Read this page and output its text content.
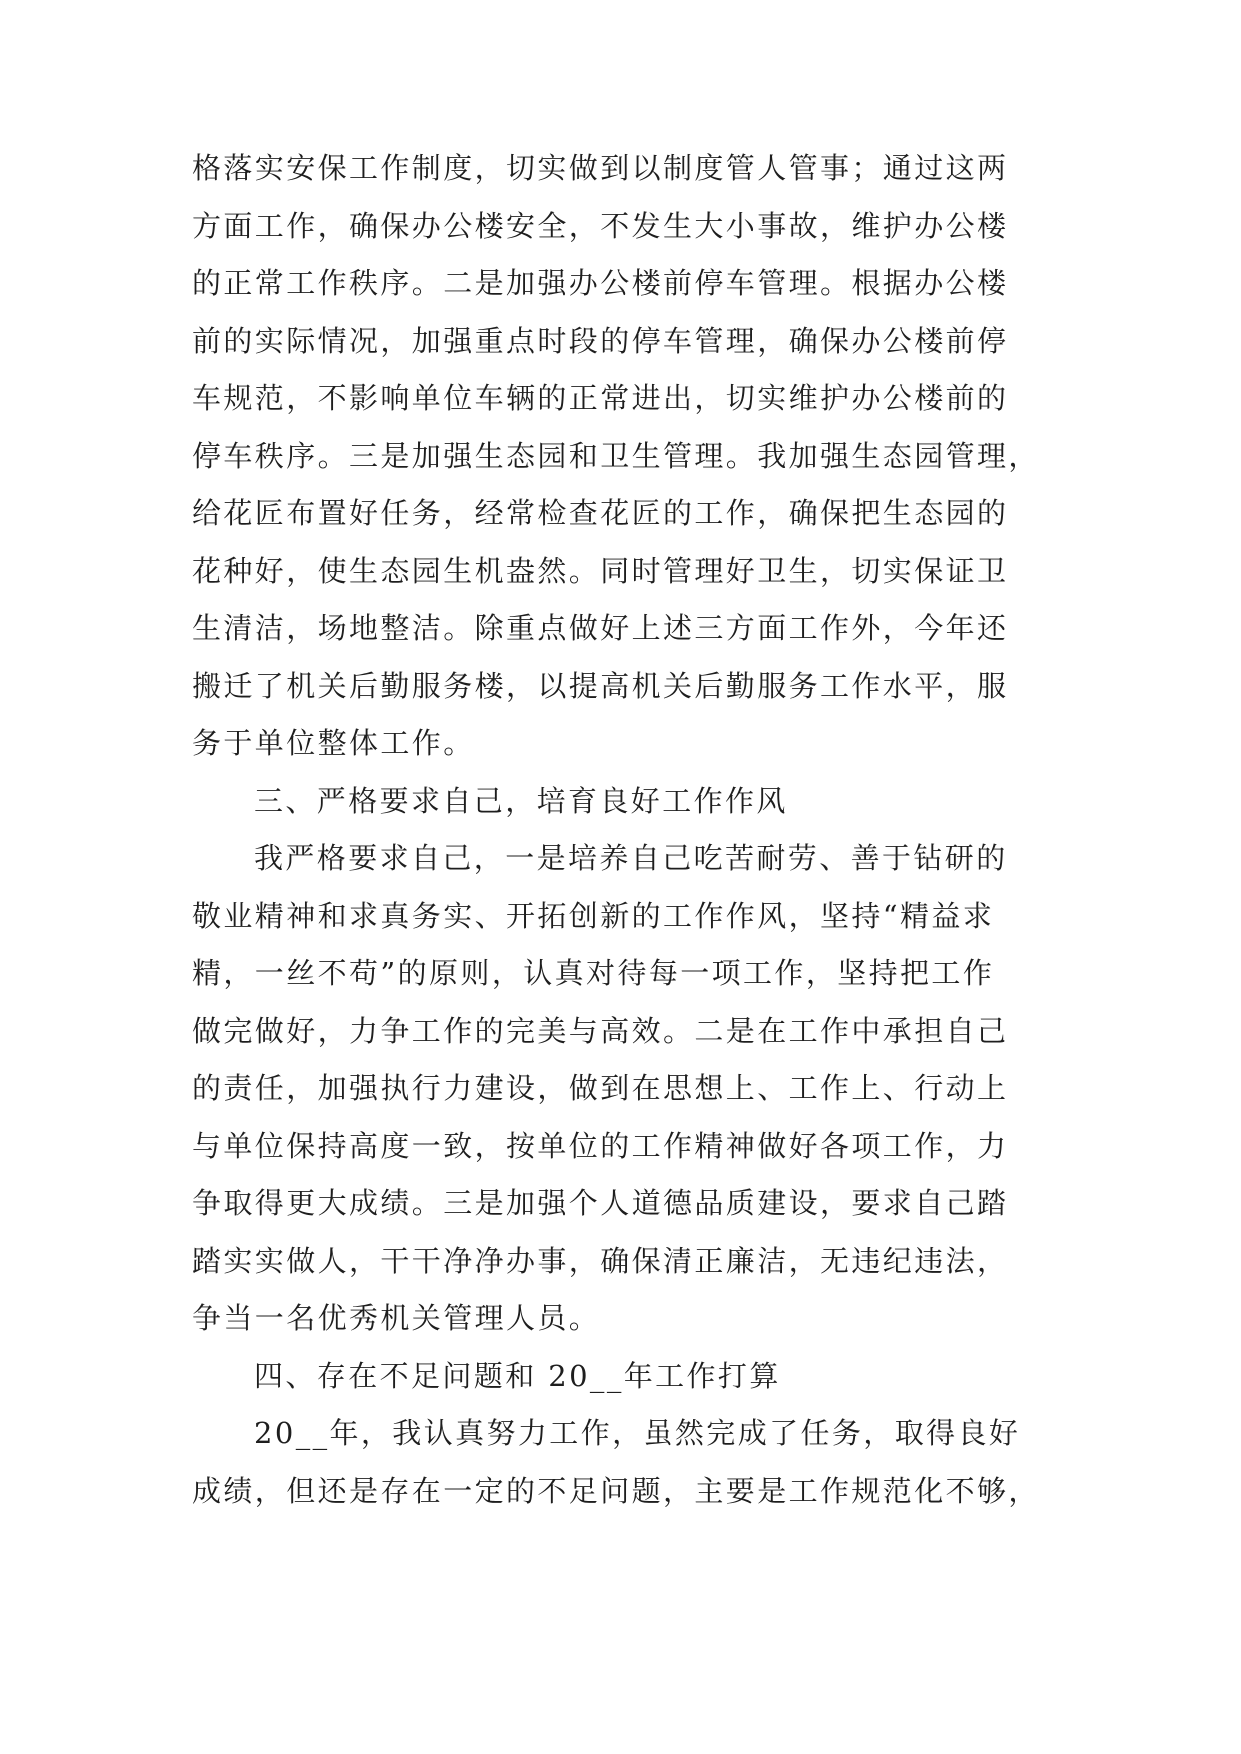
格落实安保工作制度，切实做到以制度管人管事；通过这两
方面工作，确保办公楼安全，不发生大小事故，维护办公楼
的正常工作秩序。二是加强办公楼前停车管理。根据办公楼
前的实际情况，加强重点时段的停车管理，确保办公楼前停
车规范，不影响单位车辆的正常进出，切实维护办公楼前的
停车秩序。三是加强生态园和卫生管理。我加强生态园管理，
给花匠布置好任务，经常检查花匠的工作，确保把生态园的
花种好，使生态园生机盎然。同时管理好卫生，切实保证卫
生清洁，场地整洁。除重点做好上述三方面工作外，今年还
搬迁了机关后勤服务楼，以提高机关后勤服务工作水平，服
务于单位整体工作。
三、严格要求自己，培育良好工作作风
我严格要求自己，一是培养自己吃苦耐劳、善于钻研的
敬业精神和求真务实、开拓创新的工作作风，坚持“精益求
精，一丝不苟”的原则，认真对待每一项工作，坚持把工作
做完做好，力争工作的完美与高效。二是在工作中承担自己
的责任，加强执行力建设，做到在思想上、工作上、行动上
与单位保持高度一致，按单位的工作精神做好各项工作，力
争取得更大成绩。三是加强个人道德品质建设，要求自己踏
踏实实做人，干干净净办事，确保清正廉洁，无违纪违法，
争当一名优秀机关管理人员。
四、存在不足问题和 20__年工作打算
20__年，我认真努力工作，虽然完成了任务，取得良好
成绩，但还是存在一定的不足问题，主要是工作规范化不够，
